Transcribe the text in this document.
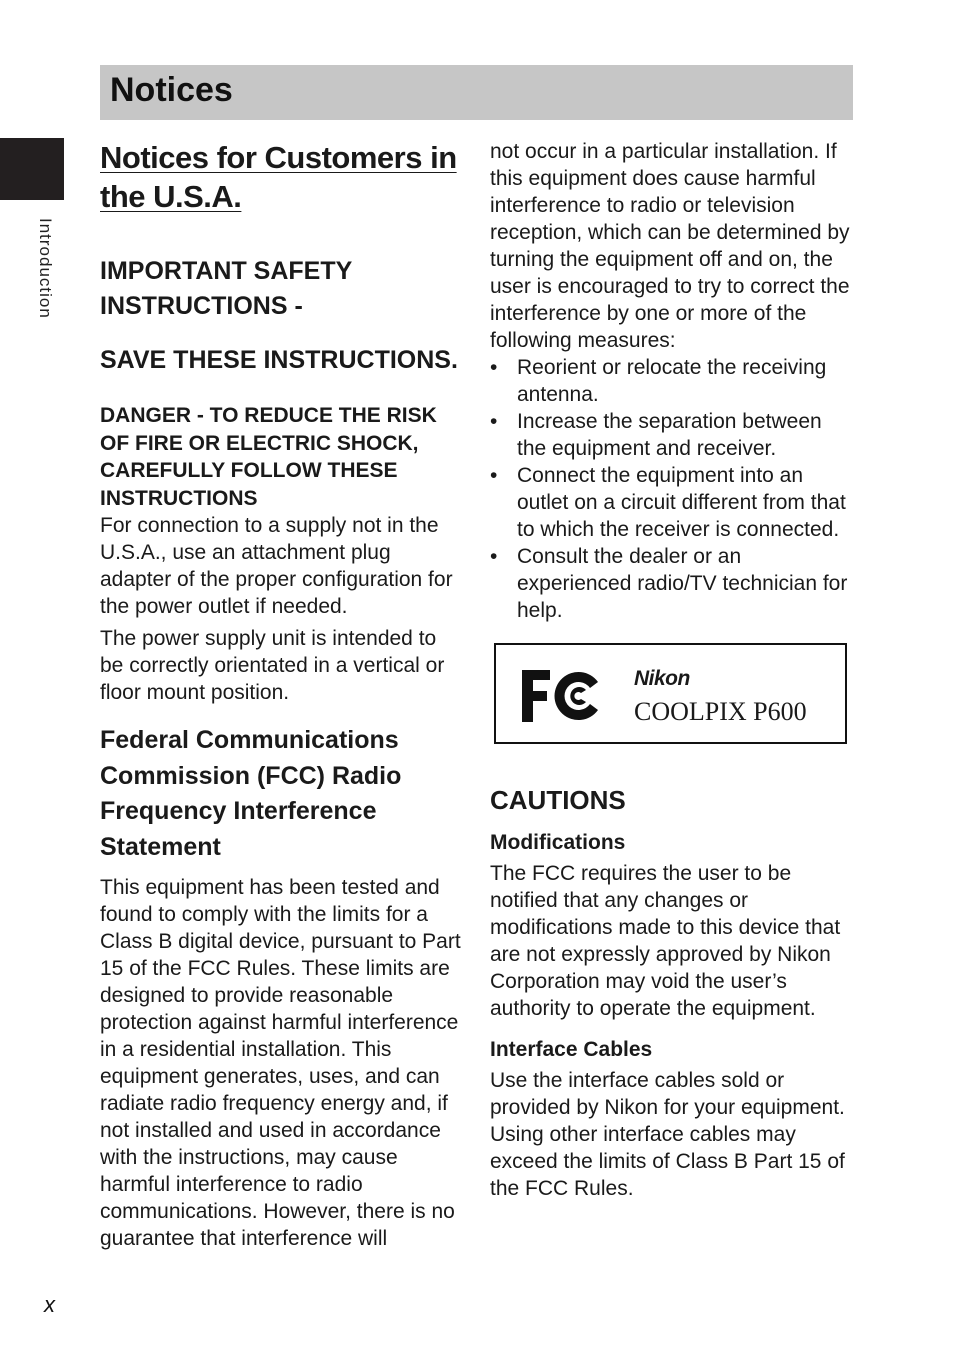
Notices
Introduction
x
Notices for Customers in the U.S.A.
IMPORTANT SAFETY INSTRUCTIONS -
SAVE THESE INSTRUCTIONS.
DANGER - TO REDUCE THE RISK OF FIRE OR ELECTRIC SHOCK, CAREFULLY FOLLOW THESE INSTRUCTIONS

For connection to a supply not in the U.S.A., use an attachment plug adapter of the proper configuration for the power outlet if needed.

The power supply unit is intended to be correctly orientated in a vertical or floor mount position.

Federal Communications Commission (FCC) Radio Frequency Interference Statement

This equipment has been tested and found to comply with the limits for a Class B digital device, pursuant to Part 15 of the FCC Rules. These limits are designed to provide reasonable protection against harmful interference in a residential installation. This equipment generates, uses, and can radiate radio frequency energy and, if not installed and used in accordance with the instructions, may cause harmful interference to radio communications. However, there is no guarantee that interference will

not occur in a particular installation. If this equipment does cause harmful interference to radio or television reception, which can be determined by turning the equipment off and on, the user is encouraged to try to correct the interference by one or more of the following measures:

• Reorient or relocate the receiving antenna.
• Increase the separation between the equipment and receiver.
• Connect the equipment into an outlet on a circuit different from that to which the receiver is connected.
• Consult the dealer or an experienced radio/TV technician for help.
Nikon
COOLPIX P600
CAUTIONS
Modifications

The FCC requires the user to be notified that any changes or modifications made to this device that are not expressly approved by Nikon Corporation may void the user’s authority to operate the equipment.

Interface Cables

Use the interface cables sold or provided by Nikon for your equipment. Using other interface cables may exceed the limits of Class B Part 15 of the FCC Rules.
